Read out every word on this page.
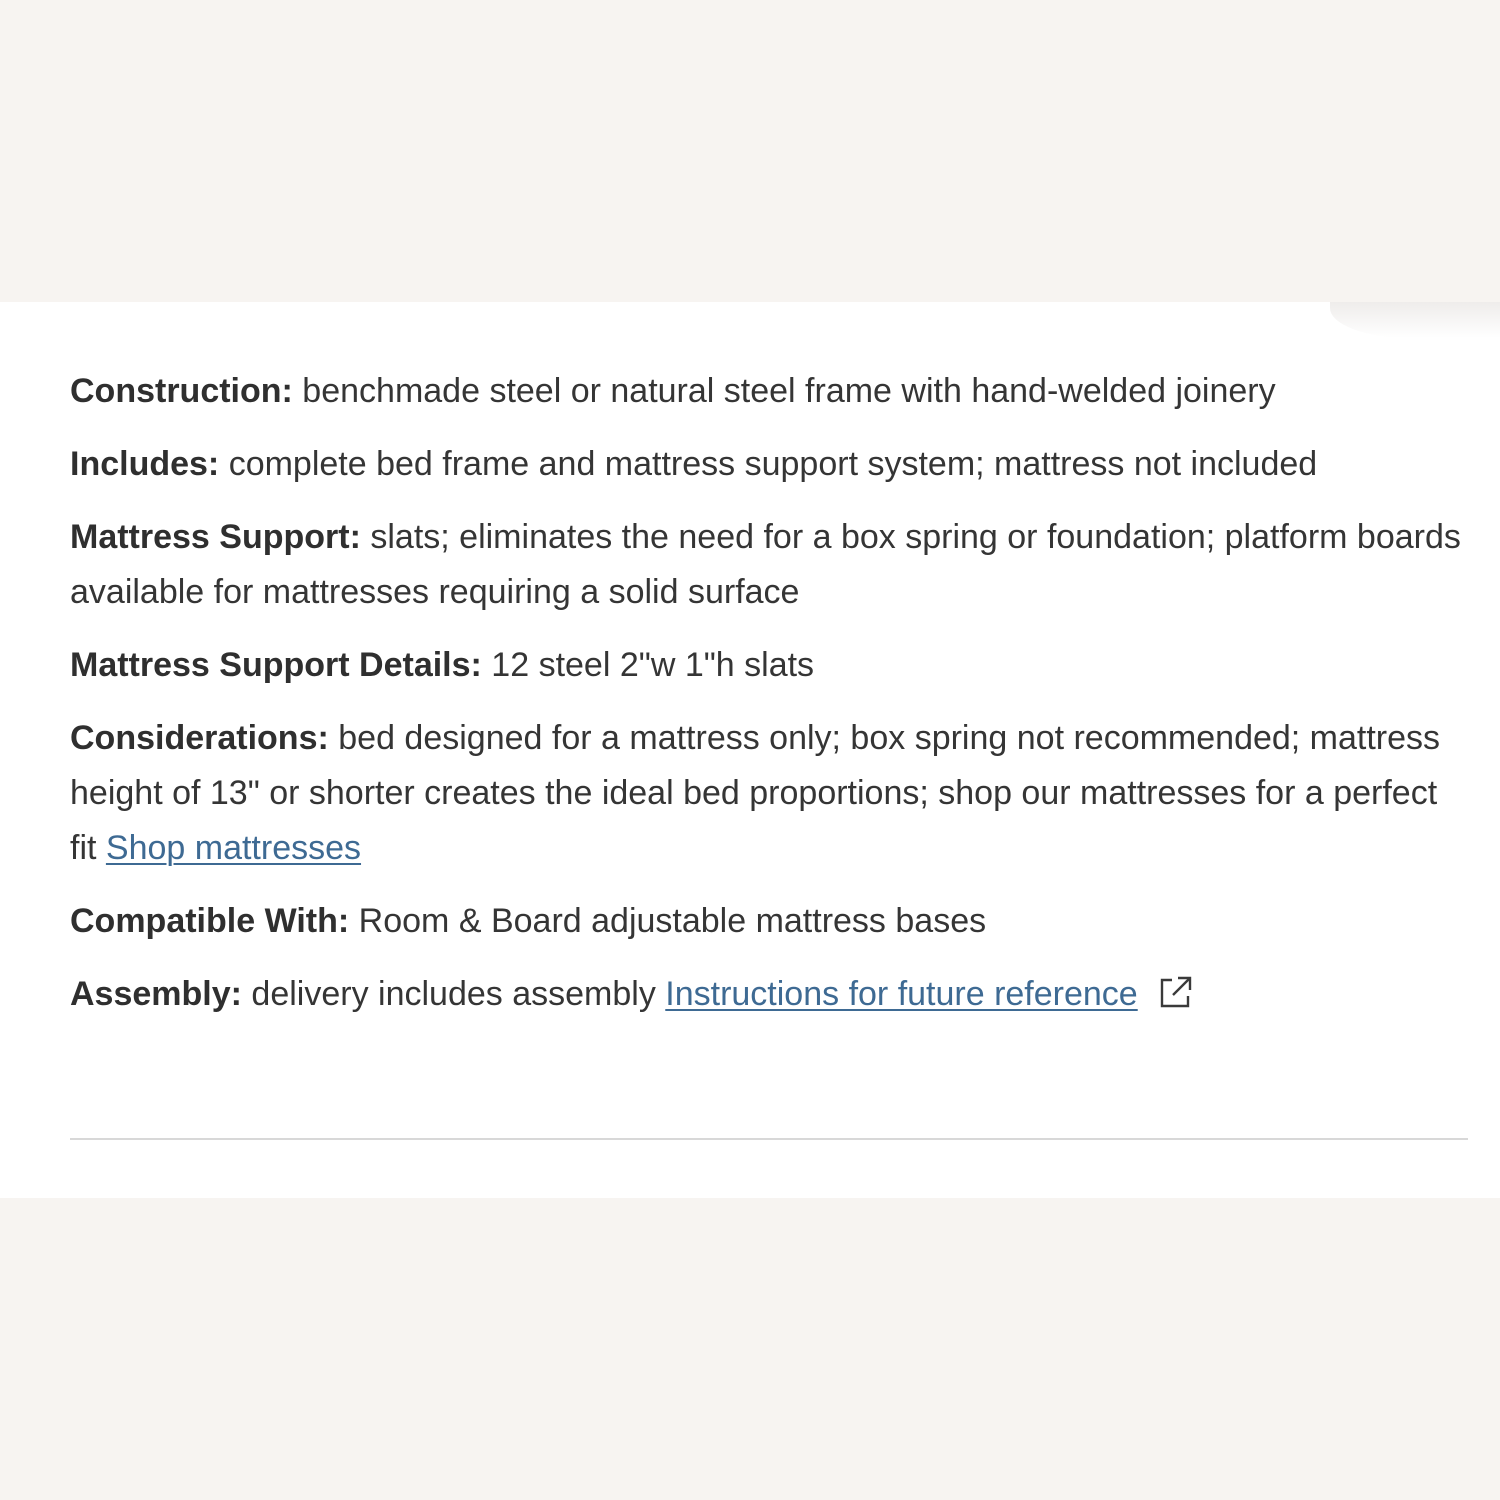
Construction: benchmade steel or natural steel frame with hand-welded joinery
Includes: complete bed frame and mattress support system; mattress not included
Mattress Support: slats; eliminates the need for a box spring or foundation; platform boards available for mattresses requiring a solid surface
Mattress Support Details: 12 steel 2"w 1"h slats
Considerations: bed designed for a mattress only; box spring not recommended; mattress height of 13" or shorter creates the ideal bed proportions; shop our mattresses for a perfect fit Shop mattresses
Compatible With: Room & Board adjustable mattress bases
Assembly: delivery includes assembly Instructions for future reference
